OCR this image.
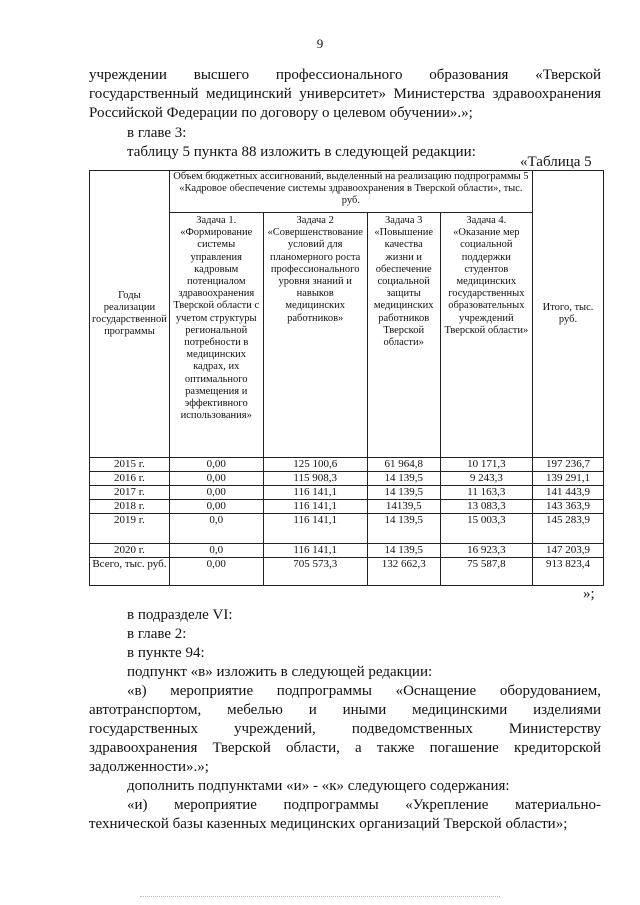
9
учреждении высшего профессионального образования «Тверской
государственный медицинский университет» Министерства здравоохранения
Российской Федерации по договору о целевом обучении».»;
в главе 3:
таблицу 5 пункта 88 изложить в следующей редакции:
«Таблица 5
Годы реализации государственной программы	Объем бюджетных ассигнований, выделенный на реализацию подпрограммы 5 «Кадровое обеспечение системы здравоохранения в Тверской области», тыс. руб.				Итого, тыс. руб.
	Задача 1. «Формирование системы управления кадровым потенциалом здравоохранения Тверской области с учетом структуры региональной потребности в медицинских кадрах, их оптимального размещения и эффективного использования»	Задача 2 «Совершенствование условий для планомерного роста профессионального уровня знаний и навыков медицинских работников»	Задача 3 «Повышение качества жизни и обеспечение социальной защиты медицинских работников Тверской области»	Задача 4. «Оказание мер социальной поддержки студентов медицинских государственных образовательных учреждений Тверской области»	
2015 г.	0,00	125 100,6	61 964,8	10 171,3	197 236,7
2016 г.	0,00	115 908,3	14 139,5	9 243,3	139 291,1
2017 г.	0,00	116 141,1	14 139,5	11 163,3	141 443,9
2018 г.	0,00	116 141,1	14139,5	13 083,3	143 363,9
2019 г.	0,0	116 141,1	14 139,5	15 003,3	145 283,9
2020 г.	0,0	116 141,1	14 139,5	16 923,3	147 203,9
Всего, тыс. руб.	0,00	705 573,3	132 662,3	75 587,8	913 823,4
»;
в подразделе VI:
в главе 2:
в пункте 94:
подпункт «в» изложить в следующей редакции:
«в) мероприятие подпрограммы «Оснащение оборудованием,
автотранспортом, мебелью и иными медицинскими изделиями
государственных учреждений, подведомственных Министерству
здравоохранения Тверской области, а также погашение кредиторской
задолженности».»;
дополнить подпунктами «и» - «к» следующего содержания:
«и) мероприятие подпрограммы «Укрепление материально-
технической базы казенных медицинских организаций Тверской области»;
